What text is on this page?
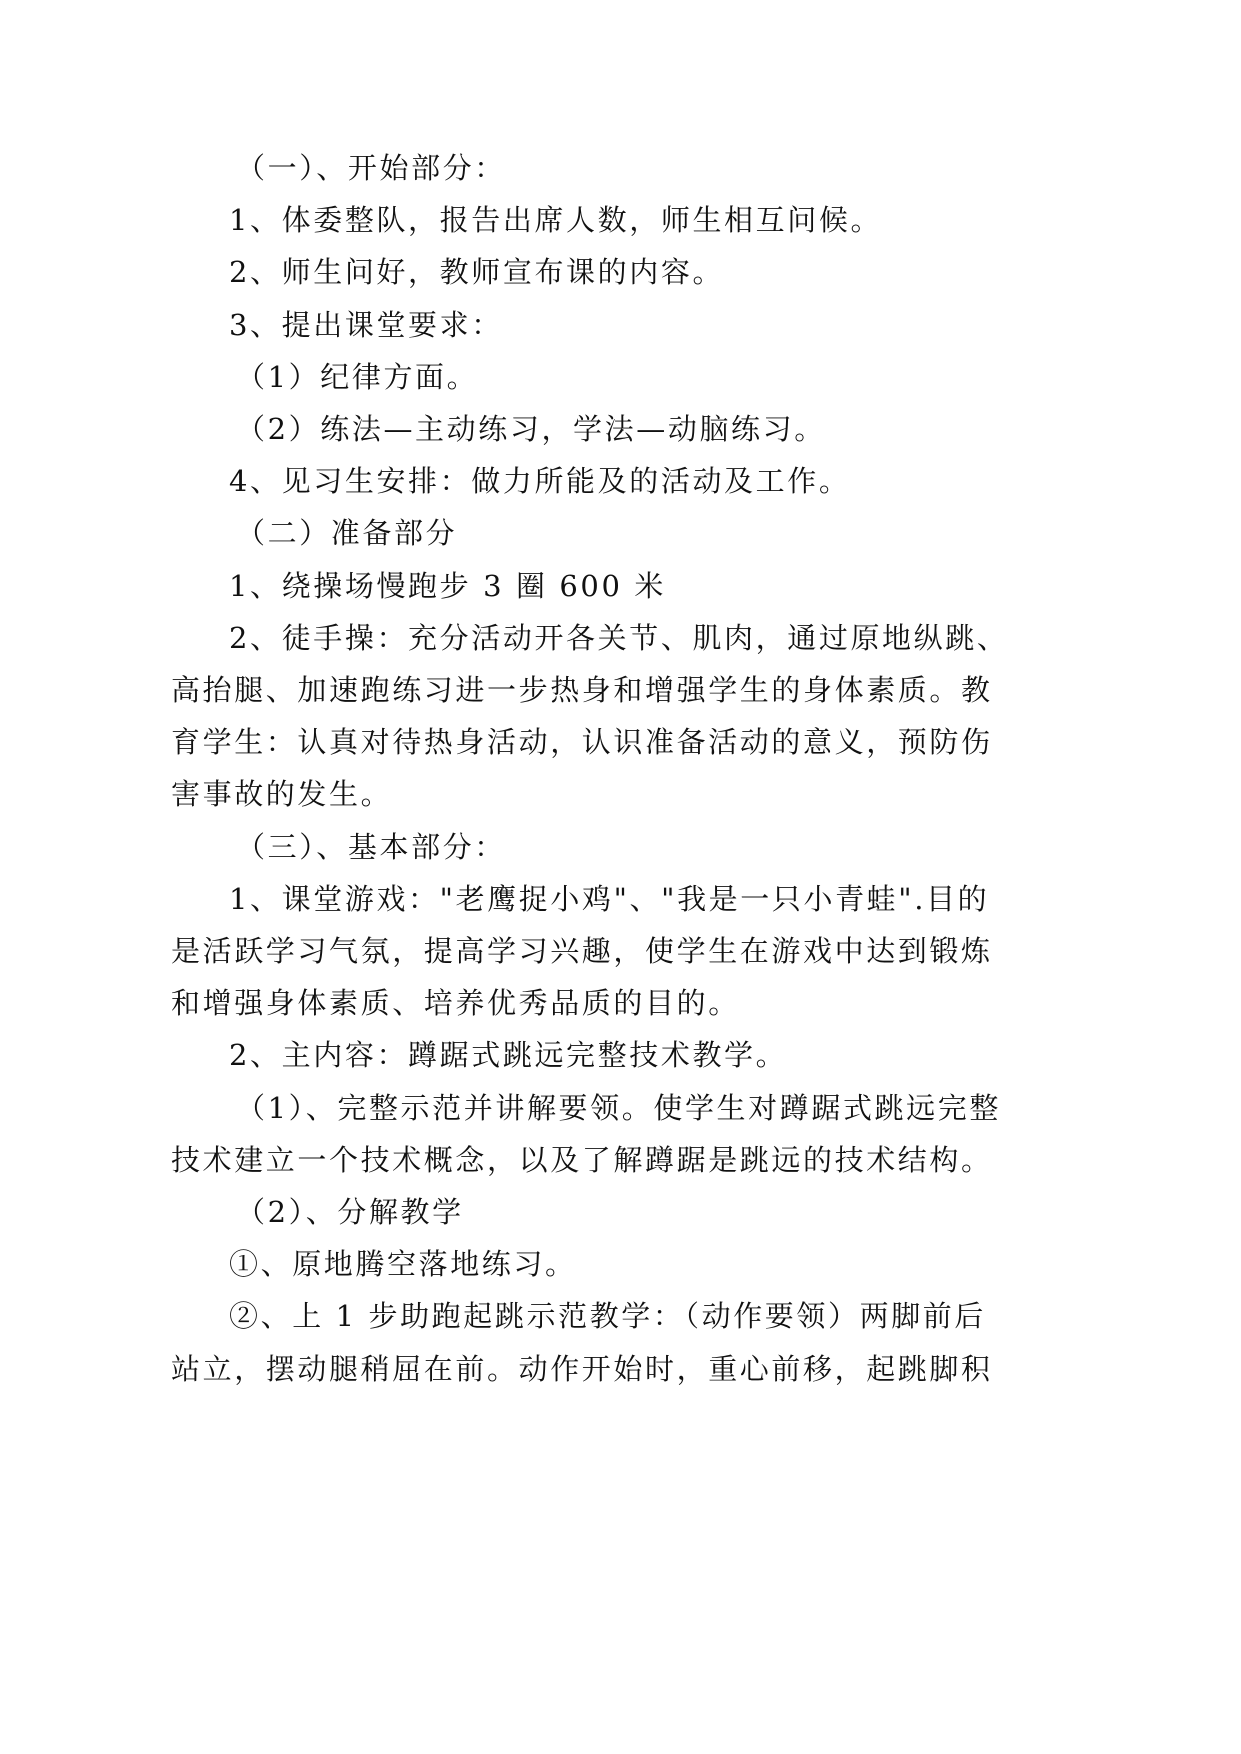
（一）、开始部分：
1、体委整队，报告出席人数，师生相互问候。
2、师生问好，教师宣布课的内容。
3、提出课堂要求：
（1）纪律方面。
（2）练法—主动练习，学法—动脑练习。
4、见习生安排：做力所能及的活动及工作。
（二）准备部分
1、绕操场慢跑步 3 圈 600 米
2、徒手操：充分活动开各关节、肌肉，通过原地纵跳、
高抬腿、加速跑练习进一步热身和增强学生的身体素质。教
育学生：认真对待热身活动，认识准备活动的意义，预防伤
害事故的发生。
（三）、基本部分：
1、课堂游戏："老鹰捉小鸡"、"我是一只小青蛙".目的
是活跃学习气氛，提高学习兴趣，使学生在游戏中达到锻炼
和增强身体素质、培养优秀品质的目的。
2、主内容：蹲踞式跳远完整技术教学。
（1）、完整示范并讲解要领。使学生对蹲踞式跳远完整
技术建立一个技术概念，以及了解蹲踞是跳远的技术结构。
（2）、分解教学
①、原地腾空落地练习。
②、上 1 步助跑起跳示范教学：（动作要领）两脚前后
站立，摆动腿稍屈在前。动作开始时，重心前移，起跳脚积
